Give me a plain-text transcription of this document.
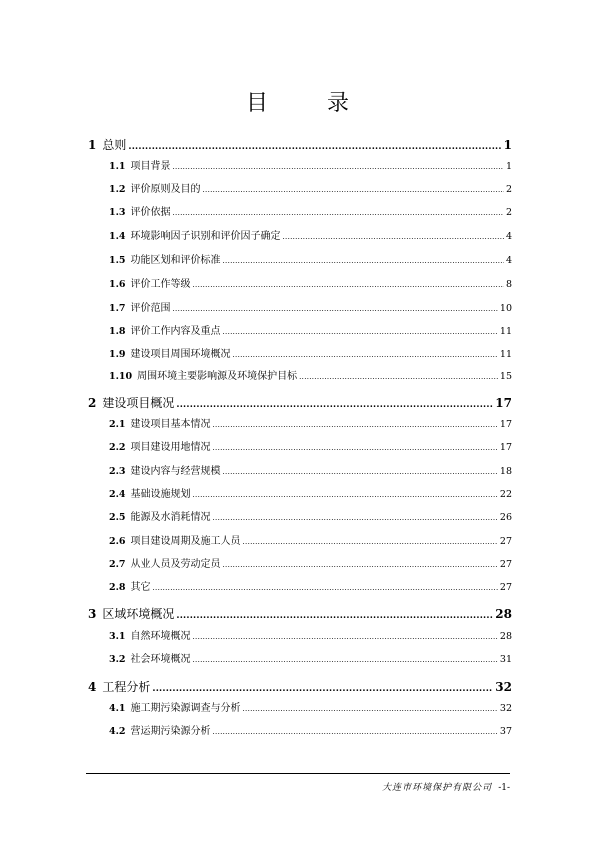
目 录
1 总则 .....	1
1.1 项目背景 .....	1
1.2 评价原则及目的 .....	2
1.3 评价依据 .....	2
1.4 环境影响因子识别和评价因子确定 .....	4
1.5 功能区划和评价标准 .....	4
1.6 评价工作等级 .....	8
1.7 评价范围 .....	10
1.8 评价工作内容及重点 .....	11
1.9 建设项目周围环境概况 .....	11
1.10 周围环境主要影响源及环境保护目标 .....	15
2 建设项目概况 .....	17
2.1 建设项目基本情况 .....	17
2.2 项目建设用地情况 .....	17
2.3 建设内容与经营规模 .....	18
2.4 基础设施规划 .....	22
2.5 能源及水消耗情况 .....	26
2.6 项目建设周期及施工人员 .....	27
2.7 从业人员及劳动定员 .....	27
2.8 其它 .....	27
3 区域环境概况 .....	28
3.1 自然环境概况 .....	28
3.2 社会环境概况 .....	31
4 工程分析 .....	32
4.1 施工期污染源调查与分析 .....	32
4.2 营运期污染源分析 .....	37
大连市环境保护有限公司 -1-
